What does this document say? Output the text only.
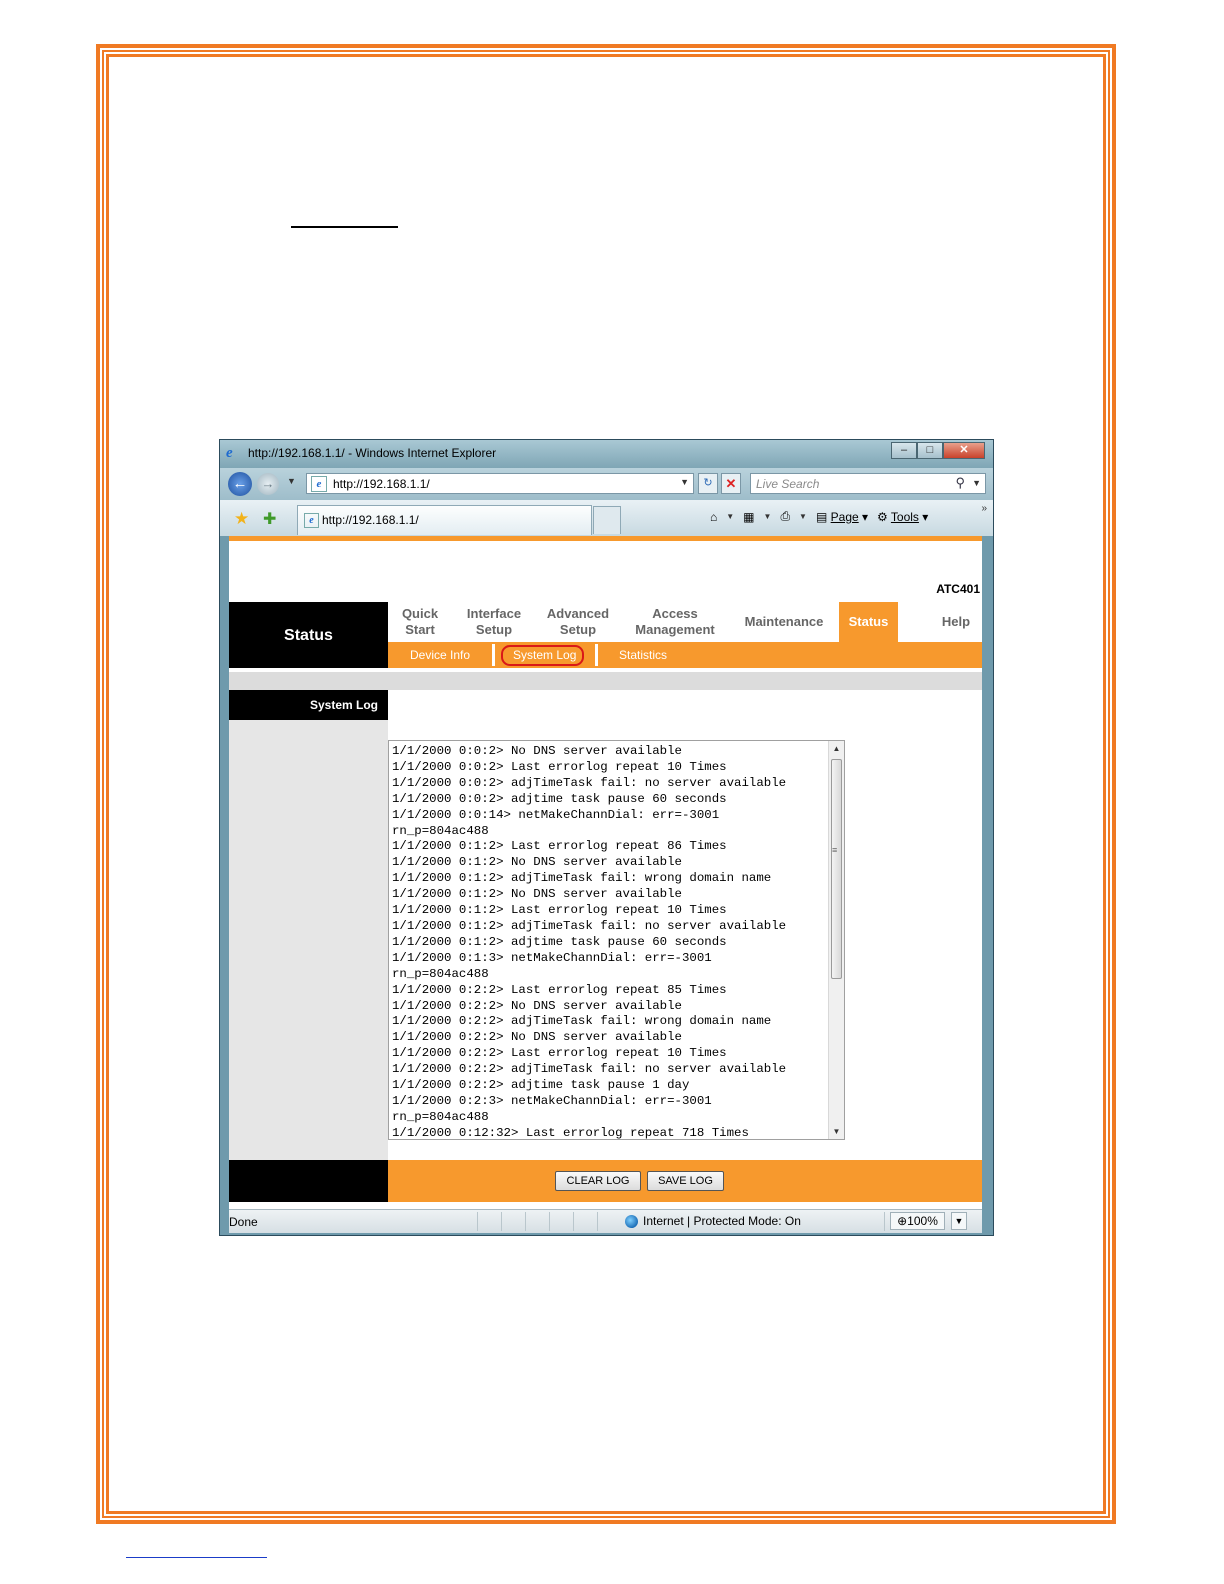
e	http://192.168.1.1/ - Windows Internet Explorer	–	□	✕
←	→	▼	e http://192.168.1.1/	▼	↻ ✕	Live Search	⚲ ▼
★ ✚	e http://192.168.1.1/	⌂ ▼ ▦ ▼ ⎙ ▼ ▤ Page ▾ ⚙ Tools ▾
»
ATC401
Status
Quick
Start
Interface
Setup
Advanced
Setup
Access
Management
Maintenance	Status	Help
Device Info	System Log	Statistics
System Log
1/1/2000 0:0:2> No DNS server available
1/1/2000 0:0:2> Last errorlog repeat 10 Times
1/1/2000 0:0:2> adjTimeTask fail: no server available
1/1/2000 0:0:2> adjtime task pause 60 seconds
1/1/2000 0:0:14> netMakeChannDial: err=-3001
rn_p=804ac488
1/1/2000 0:1:2> Last errorlog repeat 86 Times
1/1/2000 0:1:2> No DNS server available
1/1/2000 0:1:2> adjTimeTask fail: wrong domain name
1/1/2000 0:1:2> No DNS server available
1/1/2000 0:1:2> Last errorlog repeat 10 Times
1/1/2000 0:1:2> adjTimeTask fail: no server available
1/1/2000 0:1:2> adjtime task pause 60 seconds
1/1/2000 0:1:3> netMakeChannDial: err=-3001
rn_p=804ac488
1/1/2000 0:2:2> Last errorlog repeat 85 Times
1/1/2000 0:2:2> No DNS server available
1/1/2000 0:2:2> adjTimeTask fail: wrong domain name
1/1/2000 0:2:2> No DNS server available
1/1/2000 0:2:2> Last errorlog repeat 10 Times
1/1/2000 0:2:2> adjTimeTask fail: no server available
1/1/2000 0:2:2> adjtime task pause 1 day
1/1/2000 0:2:3> netMakeChannDial: err=-3001
rn_p=804ac488
1/1/2000 0:12:32> Last errorlog repeat 718 Times

▲
≡
▼
CLEAR LOG	SAVE LOG
Done	Internet | Protected Mode: On	⊕100%	▼
